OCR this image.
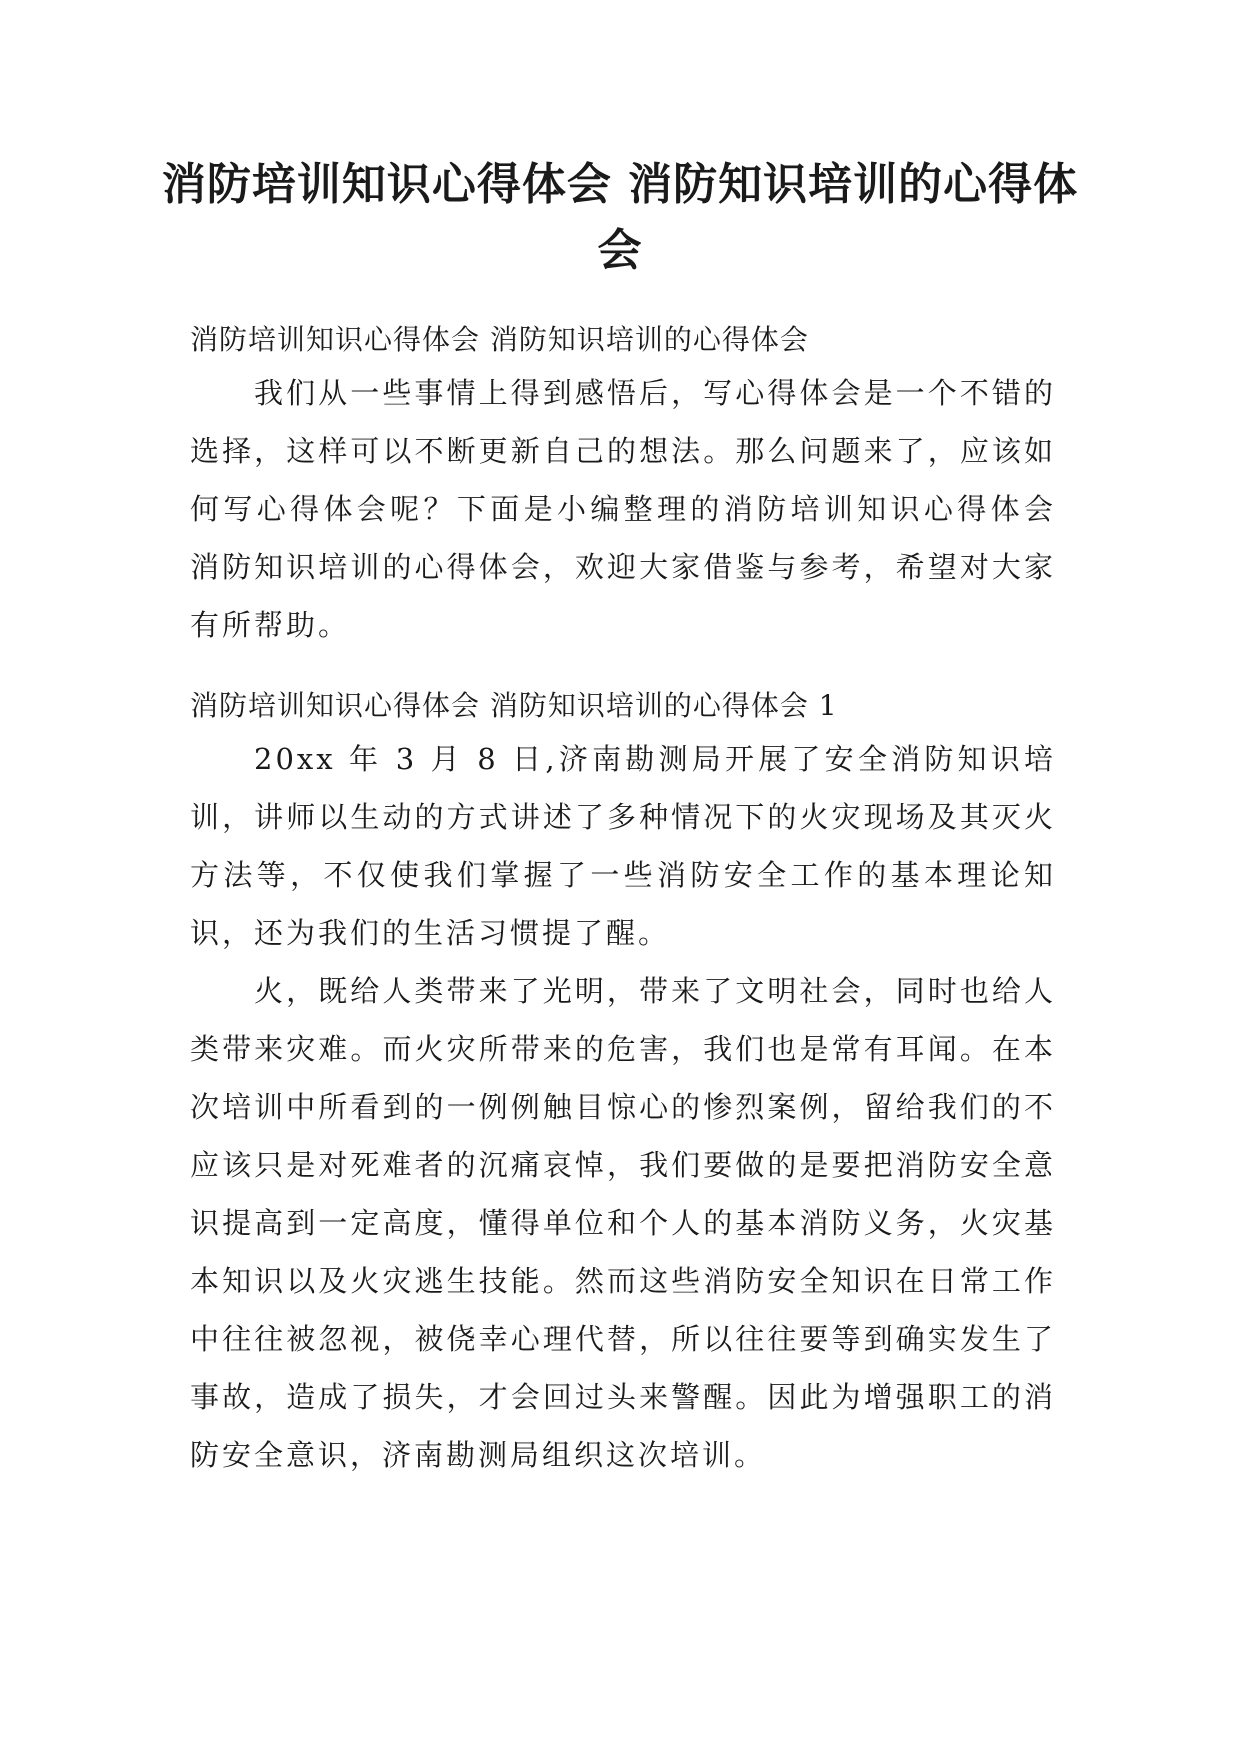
消防培训知识心得体会 消防知识培训的心得体会

消防培训知识心得体会 消防知识培训的心得体会

我们从一些事情上得到感悟后，写心得体会是一个不错的选择，这样可以不断更新自己的想法。那么问题来了，应该如何写心得体会呢？下面是小编整理的消防培训知识心得体会 消防知识培训的心得体会，欢迎大家借鉴与参考，希望对大家有所帮助。

消防培训知识心得体会 消防知识培训的心得体会 1

20xx 年 3 月 8 日,济南勘测局开展了安全消防知识培训，讲师以生动的方式讲述了多种情况下的火灾现场及其灭火方法等，不仅使我们掌握了一些消防安全工作的基本理论知识，还为我们的生活习惯提了醒。

火，既给人类带来了光明，带来了文明社会，同时也给人类带来灾难。而火灾所带来的危害，我们也是常有耳闻。在本次培训中所看到的一例例触目惊心的惨烈案例，留给我们的不应该只是对死难者的沉痛哀悼，我们要做的是要把消防安全意识提高到一定高度，懂得单位和个人的基本消防义务，火灾基本知识以及火灾逃生技能。然而这些消防安全知识在日常工作中往往被忽视，被侥幸心理代替，所以往往要等到确实发生了事故，造成了损失，才会回过头来警醒。因此为增强职工的消防安全意识，济南勘测局组织这次培训。
